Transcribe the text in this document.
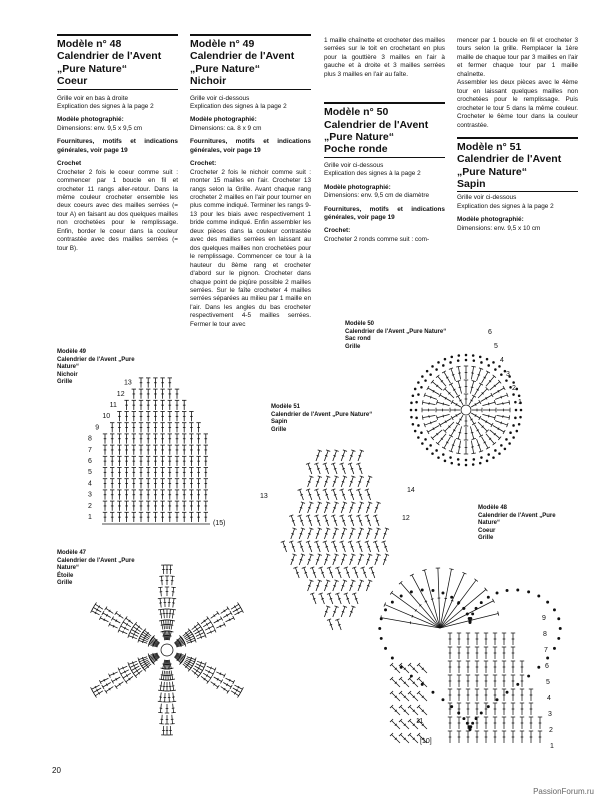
Modèle n° 48
Calendrier de l'Avent
„Pure Nature“
Coeur
Grille voir en bas à droite
Explication des signes à la page 2
Modèle photographié:
Dimensions: env. 9,5 x 9,5 cm
Fournitures, motifs et indications générales, voir page 19
Crochet
Crocheter 2 fois le coeur comme suit : commencer par 1 boucle en fil et crocheter 11 rangs aller-retour. Dans la même couleur crocheter ensemble les deux coeurs avec des mailles serrées (= tour A) en faisant au dos quelques mailles non crochetées pour le remplissage. Enfin, border le coeur dans la couleur contrastée avec des mailles serrées (= tour B).
Modèle n° 49
Calendrier de l'Avent
„Pure Nature“
Nichoir
Grille voir ci-dessous
Explication des signes à la page 2
Modèle photographié:
Dimensions: ca. 8 x 9 cm
Fournitures, motifs et indications générales, voir page 19
Crochet:
Crocheter 2 fois le nichoir comme suit : monter 15 mailles en l'air. Crocheter 13 rangs selon la Grille. Avant chaque rang crocheter 2 mailles en l'air pour tourner en plus comme indiqué. Terminer les rangs 9-13 pour les biais avec respectivement 1 bride comme indiqué. Enfin assembler les deux pièces dans la couleur contrastée avec des mailles serrées en laissant au dos quelques mailles non crochetées pour le remplissage. Commencer ce tour à la hauteur du 8ème rang et crocheter d'abord sur le pignon. Crocheter dans chaque point de piqûre possible 2 mailles serrées. Sur le faîte crocheter 4 mailles serrées séparées au milieu par 1 maille en l'air. Dans les angles du bas crocheter respectivement 4-5 mailles serrées. Fermer le tour avec
1 maille chaînette et crocheter des mailles serrées sur le toit en crochetant en plus pour la gouttière 3 mailles en l'air à gauche et à droite et 3 mailles serrées plus 3 mailles en l'air au faîte.
Modèle n° 50
Calendrier de l'Avent
„Pure Nature“
Poche ronde
Grille voir ci-dessous
Explication des signes à la page 2
Modèle photographié:
Dimensions: env. 9,5 cm de diamètre
Fournitures, motifs et indications générales, voir page 19
Crochet:
Crocheter 2 ronds comme suit : com-
mencer par 1 boucle en fil et crocheter 3 tours selon la grille. Remplacer la 1ère maille de chaque tour par 3 mailles en l'air et fermer chaque tour par 1 maille chaînette.
Assembler les deux pièces avec le 4ème tour en laissant quelques mailles non crochetées pour le remplissage. Puis crocheter le tour 5 dans la même couleur. Crocheter le 6ème tour dans la couleur contrastée.
Modèle n° 51
Calendrier de l'Avent
„Pure Nature“
Sapin
Grille voir ci-dessous
Explication des signes à la page 2
Modèle photographié:
Dimensions: env. 9,5 x 10 cm
Modèle 49
Calendrier de l'Avent „Pure
Nature“
Nichoir
Grille
Modèle 50
Calendrier de l'Avent „Pure Nature“
Sac rond
Grille
Modèle 51
Calendrier de l'Avent „Pure Nature“
Sapin
Grille
Modèle 48
Calendrier de l'Avent „Pure
Nature“
Coeur
Grille
Modèle 47
Calendrier de l'Avent „Pure
Nature“
Étoile
Grille
1
2
3
4
5
6
7
8
9
10
11
12
13
(15)
14
13
12
6
5
4
3
2
1
1
2
3
4
5
6
7
8
9
[10]
11
20
PassionForum.ru
